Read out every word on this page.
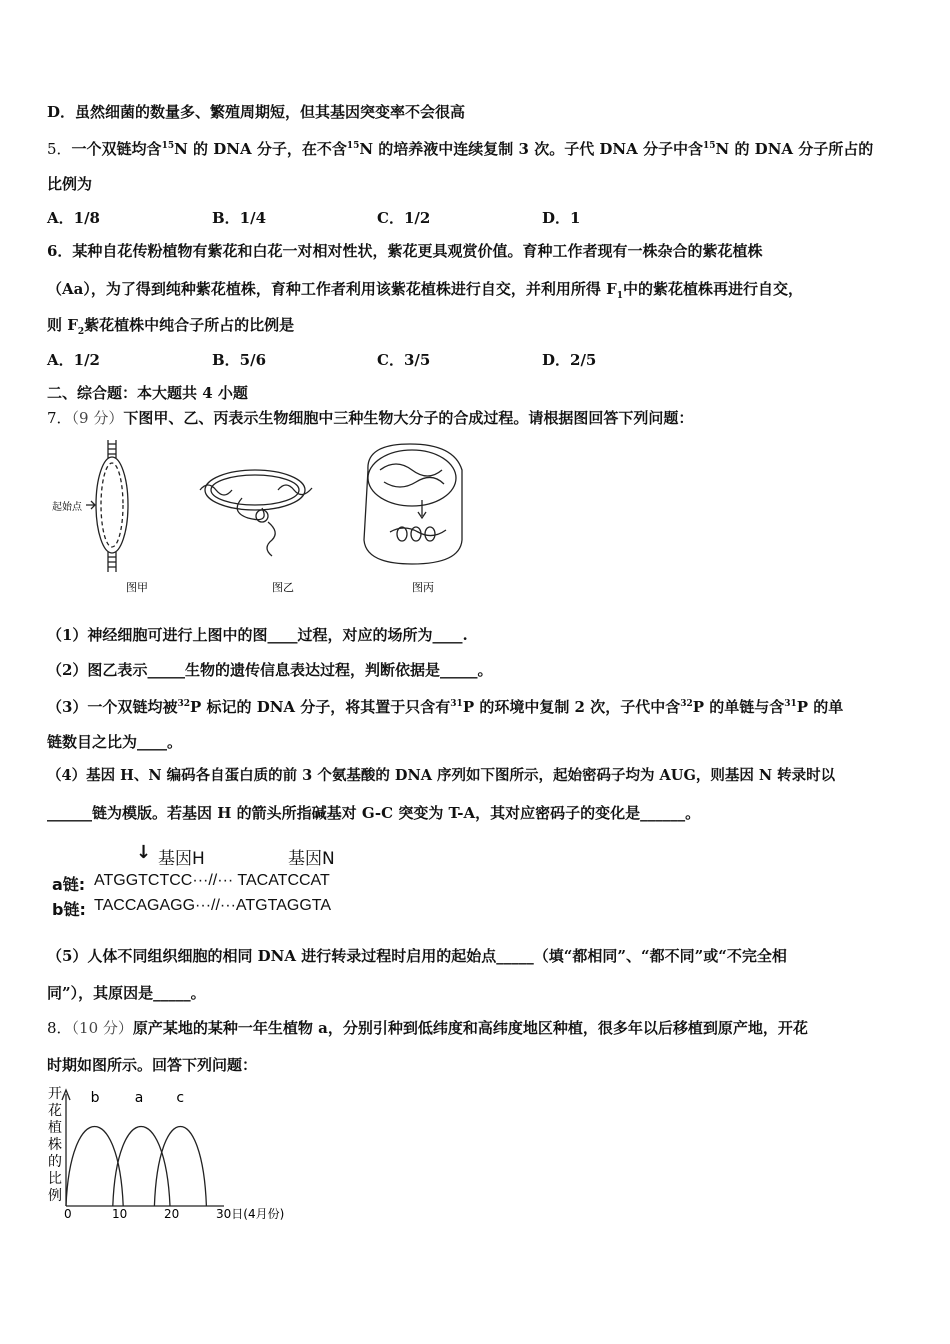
D．虽然细菌的数量多、繁殖周期短，但其基因突变率不会很高
5．一个双链均含$^{15}$N 的 DNA 分子，在不含$^{15}$N 的培养液中连续复制 3 次。子代 DNA 分子中含$^{15}$N 的 DNA 分子所占的
比例为
A．1/8	B．1/4	C．1/2	D．1
6．某种自花传粉植物有紫花和白花一对相对性状，紫花更具观赏价值。育种工作者现有一株杂合的紫花植株
（Aa），为了得到纯种紫花植株，育种工作者利用该紫花植株进行自交，并利用所得 $F_1$中的紫花植株再进行自交，
则 $F_2$紫花植株中纯合子所占的比例是
A．1/2	B．5/6	C．3/5	D．2/5
二、综合题：本大题共 4 小题
7．（9 分）下图甲、乙、丙表示生物细胞中三种生物大分子的合成过程。请根据图回答下列问题：
起始点
图甲	图乙	图丙
（1）神经细胞可进行上图中的图____过程，对应的场所为____.
（2）图乙表示_____生物的遗传信息表达过程，判断依据是_____。
（3）一个双链均被$^{32}$P 标记的 DNA 分子，将其置于只含有$^{31}$P 的环境中复制 2 次，子代中含$^{32}$P 的单链与含$^{31}$P 的单
链数目之比为____。
（4）基因 H、N 编码各自蛋白质的前 3 个氨基酸的 DNA 序列如下图所示，起始密码子均为 AUG，则基因 N 转录时以
______链为模版。若基因 H 的箭头所指碱基对 G-C 突变为 T-A，其对应密码子的变化是______。
↓ 基因H	基因N
a链: ATGGTCTCC···//··· TACATCCAT
b链: TACCAGAGG···//···ATGTAGGTA
（5）人体不同组织细胞的相同 DNA 进行转录过程时启用的起始点_____（填“都相同”、“都不同”或“不完全相
同”），其原因是_____。
8．（10 分）原产某地的某种一年生植物 a，分别引种到低纬度和高纬度地区种植，很多年以后移植到原产地，开花
时期如图所示。回答下列问题：
开
花
植
株
的
比
例
b	a c
0	10	20	30日(4月份)
